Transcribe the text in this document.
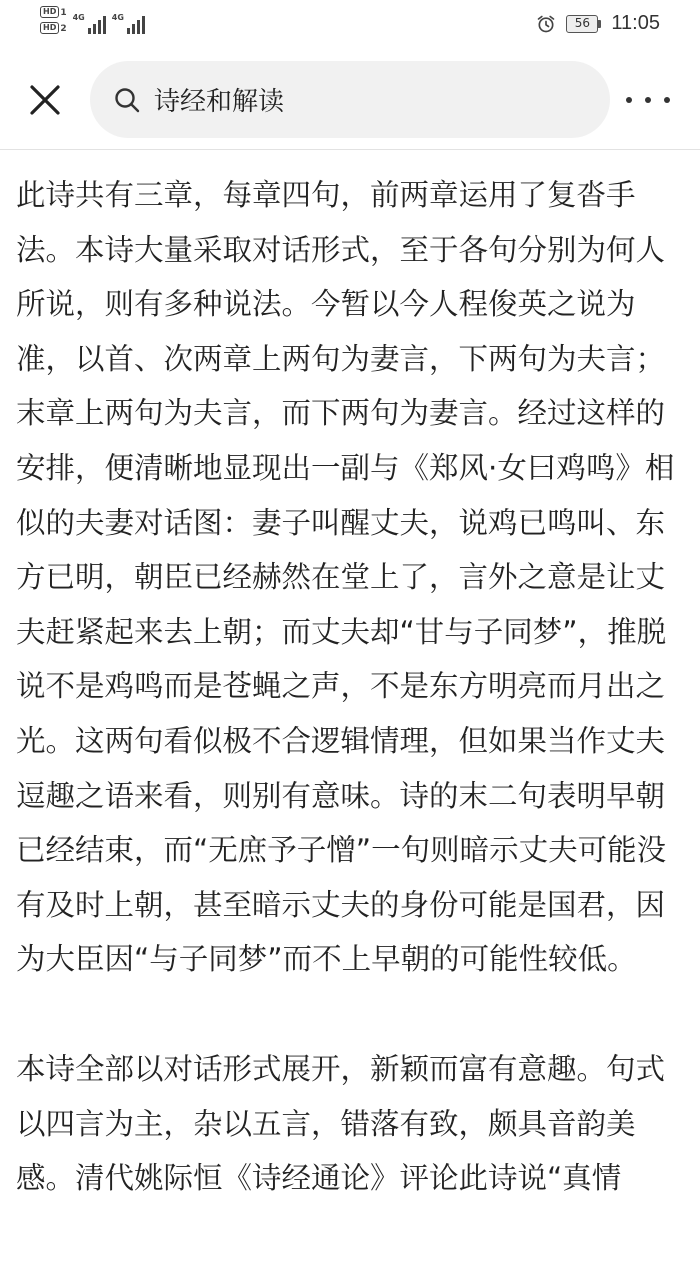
HD 1
HD 2
4G	4G	56	11:05
诗经和解读

此诗共有三章，每章四句，前两章运用了复沓手法。本诗大量采取对话形式，至于各句分别为何人所说，则有多种说法。今暂以今人程俊英之说为准，以首、次两章上两句为妻言，下两句为夫言；末章上两句为夫言，而下两句为妻言。经过这样的安排，便清晰地显现出一副与《郑风·女曰鸡鸣》相似的夫妻对话图：妻子叫醒丈夫，说鸡已鸣叫、东方已明，朝臣已经赫然在堂上了，言外之意是让丈夫赶紧起来去上朝；而丈夫却“甘与子同梦”，推脱说不是鸡鸣而是苍蝇之声，不是东方明亮而月出之光。这两句看似极不合逻辑情理，但如果当作丈夫逗趣之语来看，则别有意味。诗的末二句表明早朝已经结束，而“无庶予子憎”一句则暗示丈夫可能没有及时上朝，甚至暗示丈夫的身份可能是国君，因为大臣因“与子同梦”而不上早朝的可能性较低。

本诗全部以对话形式展开，新颖而富有意趣。句式以四言为主，杂以五言，错落有致，颇具音韵美感。清代姚际恒《诗经通论》评论此诗说“真情
